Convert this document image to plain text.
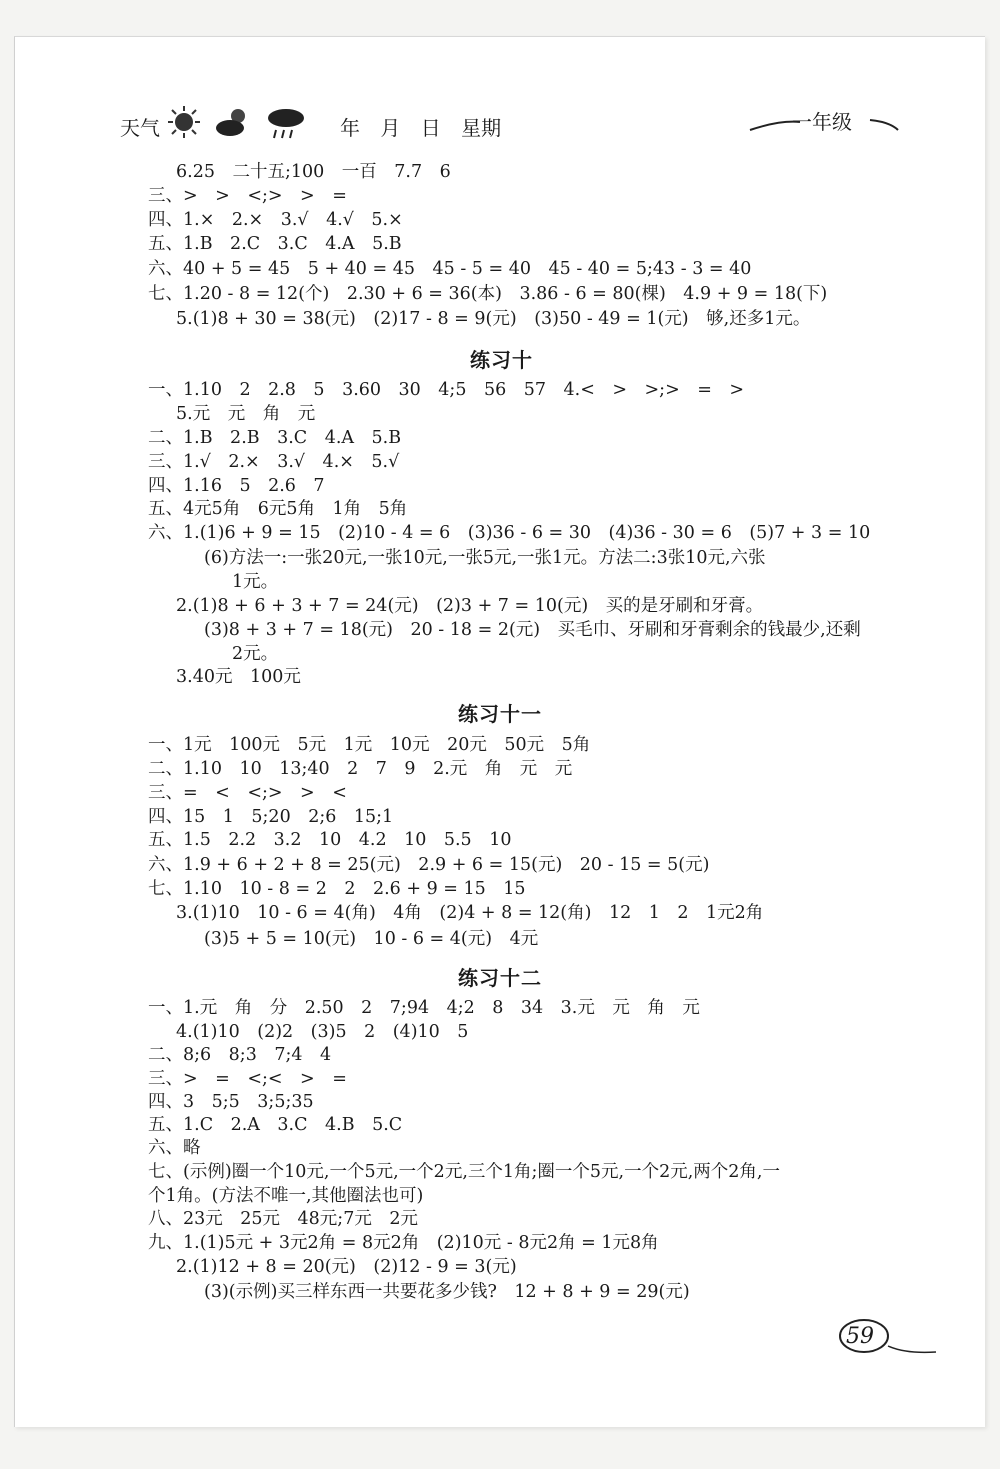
天气	年 月 日 星期	一年级
6.25　二十五;100　一百　7.7　6
三、>　>　<;>　>　=
四、1.×　2.×　3.√　4.√　5.×
五、1.B　2.C　3.C　4.A　5.B
六、40 + 5 = 45　5 + 40 = 45　45 - 5 = 40　45 - 40 = 5;43 - 3 = 40
七、1.20 - 8 = 12(个)　2.30 + 6 = 36(本)　3.86 - 6 = 80(棵)　4.9 + 9 = 18(下)
5.(1)8 + 30 = 38(元)　(2)17 - 8 = 9(元)　(3)50 - 49 = 1(元)　够,还多1元。
练习十
一、1.10　2　2.8　5　3.60　30　4;5　56　57　4.<　>　>;>　=　>
5.元　元　角　元
二、1.B　2.B　3.C　4.A　5.B
三、1.√　2.×　3.√　4.×　5.√
四、1.16　5　2.6　7
五、4元5角　6元5角　1角　5角
六、1.(1)6 + 9 = 15　(2)10 - 4 = 6　(3)36 - 6 = 30　(4)36 - 30 = 6　(5)7 + 3 = 10
(6)方法一:一张20元,一张10元,一张5元,一张1元。方法二:3张10元,六张
1元。
2.(1)8 + 6 + 3 + 7 = 24(元)　(2)3 + 7 = 10(元)　买的是牙刷和牙膏。
(3)8 + 3 + 7 = 18(元)　20 - 18 = 2(元)　买毛巾、牙刷和牙膏剩余的钱最少,还剩
2元。
3.40元　100元
练习十一
一、1元　100元　5元　1元　10元　20元　50元　5角
二、1.10　10　13;40　2　7　9　2.元　角　元　元
三、=　<　<;>　>　<
四、15　1　5;20　2;6　15;1
五、1.5　2.2　3.2　10　4.2　10　5.5　10
六、1.9 + 6 + 2 + 8 = 25(元)　2.9 + 6 = 15(元)　20 - 15 = 5(元)
七、1.10　10 - 8 = 2　2　2.6 + 9 = 15　15
3.(1)10　10 - 6 = 4(角)　4角　(2)4 + 8 = 12(角)　12　1　2　1元2角
(3)5 + 5 = 10(元)　10 - 6 = 4(元)　4元
练习十二
一、1.元　角　分　2.50　2　7;94　4;2　8　34　3.元　元　角　元
4.(1)10　(2)2　(3)5　2　(4)10　5
二、8;6　8;3　7;4　4
三、>　=　<;<　>　=
四、3　5;5　3;5;35
五、1.C　2.A　3.C　4.B　5.C
六、略
七、(示例)圈一个10元,一个5元,一个2元,三个1角;圈一个5元,一个2元,两个2角,一
个1角。(方法不唯一,其他圈法也可)
八、23元　25元　48元;7元　2元
九、1.(1)5元 + 3元2角 = 8元2角　(2)10元 - 8元2角 = 1元8角
2.(1)12 + 8 = 20(元)　(2)12 - 9 = 3(元)
(3)(示例)买三样东西一共要花多少钱?　12 + 8 + 9 = 29(元)
59
